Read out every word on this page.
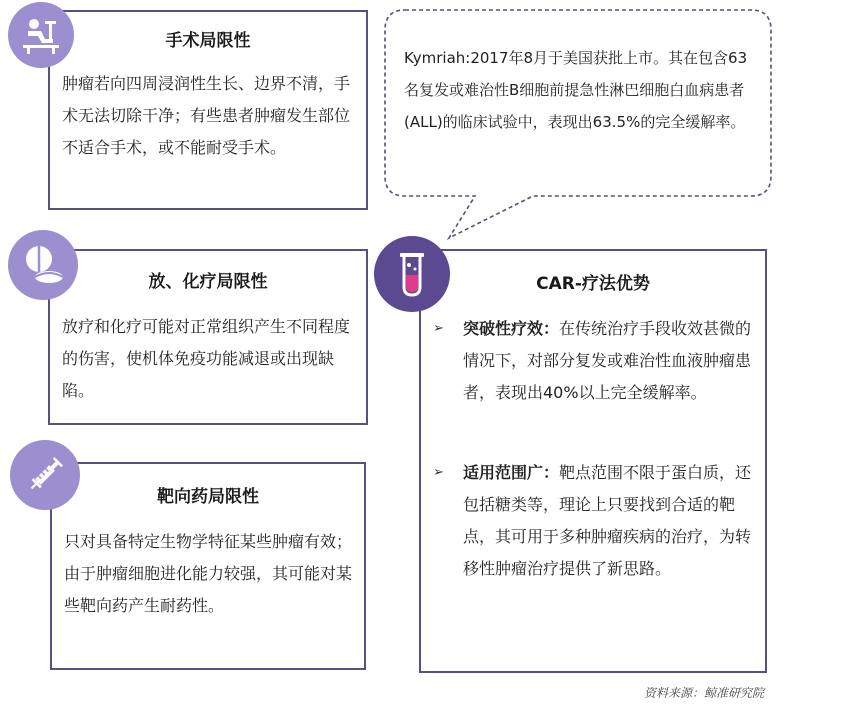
Kymriah:2017年8月于美国获批上市。其在包含63名复发或难治性B细胞前提急性淋巴细胞白血病患者(ALL)的临床试验中，表现出63.5%的完全缓解率。
手术局限性
肿瘤若向四周浸润性生长、边界不清，手术无法切除干净；有些患者肿瘤发生部位不适合手术，或不能耐受手术。
放、化疗局限性
放疗和化疗可能对正常组织产生不同程度的伤害，使机体免疫功能减退或出现缺陷。
靶向药局限性
只对具备特定生物学特征某些肿瘤有效；由于肿瘤细胞进化能力较强，其可能对某些靶向药产生耐药性。
CAR-疗法优势
➢	突破性疗效：在传统治疗手段收效甚微的情况下，对部分复发或难治性血液肿瘤患者，表现出40%以上完全缓解率。
➢	适用范围广：靶点范围不限于蛋白质，还包括糖类等，理论上只要找到合适的靶点，其可用于多种肿瘤疾病的治疗，为转移性肿瘤治疗提供了新思路。
资料来源：鲸准研究院
